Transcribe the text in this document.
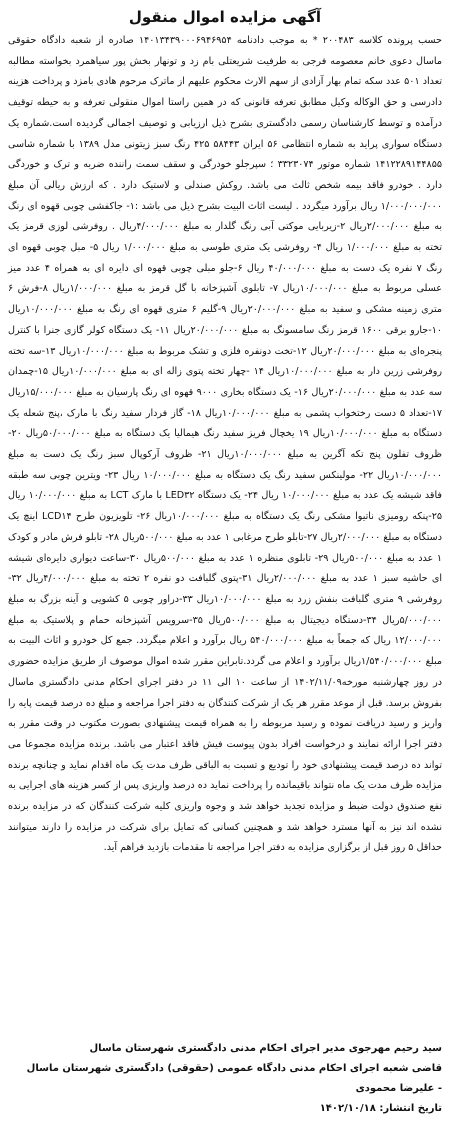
آگهی مزایده اموال منقول

حسب پرونده کلاسه ۲۰۰۴۸۳ * به موجب دادنامه ۱۴۰۱۳۴۳۹۰۰۰۶۹۴۶۹۵۴ صادره از شعبه دادگاه حقوقی ماسال دعوی خانم معصومه فرجی به طرفیت شریعتلی بام زد و تونهار بخش پور سیاهمرد بخواسته مطالبه تعداد ۵۰۱ عدد سکه تمام بهار آزادی از سهم الارث محکوم علیهم از ماترک مرحوم هادی بامزد و پرداخت هزینه دادرسی و حق الوکاله وکیل مطابق تعرفه قانونی که در همین راستا اموال منقولی تعرفه و به حیطه توقیف درآمده و توسط کارشناسان رسمی دادگستری بشرح ذیل ارزیابی و توصیف اجمالی گردیده است.شماره یک دستگاه سواری پراید به شماره انتظامی ۵۶ ایران ۵۸۴۴۳ ۴۲۵ رنگ سبز زیتونی مدل ۱۳۸۹ با شماره شاسی ۱۴۱۲۲۸۹۱۴۴۸۵۵ شماره موتور ۳۳۲۳۰۷۴ ؛ سپرجلو خودرگی و سقف سمت راننده ضربه و ترک و خوردگی دارد . خودرو فاقد بیمه شخص ثالث می باشد. روکش صندلی و لاستیک دارد . که ارزش ریالی آن مبلغ ۱/۰۰۰/۰۰۰/۰۰۰ ریال برآورد میگردد . لیست اثاث البیت بشرح ذیل می باشد :۱- جاکفشی چوبی قهوه ای رنگ به مبلغ ۲/۰۰۰/۰۰۰ریال ۲-زیربایی موکتی آبی رنگ گلدار به مبلغ ۴/۰۰۰/۰۰۰ریال . روفرشی لوزی قرمز یک تخته به مبلغ ۱/۰۰۰/۰۰۰ ریال ۴- روفرشی یک متری طوسی به مبلغ ۱/۰۰۰/۰۰۰ ریال ۵- مبل چوبی قهوه ای رنگ ۷ نفره یک دست به مبلغ ۴۰/۰۰۰/۰۰۰ ریال ۶-جلو مبلی چوبی قهوه ای دایره ای به همراه ۴ عدد میز عسلی مربوط به مبلغ ۱۰/۰۰۰/۰۰۰ریال ۷- تابلوی آشپزخانه با گل قرمز به مبلغ ۱/۰۰۰/۰۰۰ریال ۸-فرش ۶ متری زمینه مشکی و سفید به مبلغ ۲۰/۰۰۰/۰۰۰ریال ۹-گلیم ۶ متری قهوه ای رنگ به مبلغ ۱۰/۰۰۰/۰۰۰ریال ۱۰-جارو برقی ۱۶۰۰ قرمز رنگ سامسونگ به مبلغ ۲۰/۰۰۰/۰۰۰ریال ۱۱- یک دستگاه کولر گازی جنرا با کنترل پنجره‌ای به مبلغ ۲۰/۰۰۰/۰۰۰ریال ۱۲-تخت دونفره فلزی و تشک مربوط به مبلغ ۱۰/۰۰۰/۰۰۰ریال ۱۳-سه تخته روفرشی زرین دار به مبلغ ۱۰/۰۰۰/۰۰۰ریال ۱۴ -چهار تخته پتوی زاله ای به مبلغ ۱۰/۰۰۰/۰۰۰ریال ۱۵-چمدان سه عدد به مبلغ ۲۰/۰۰۰/۰۰۰ریال ۱۶- یک دستگاه بخاری ۹۰۰۰ قهوه ای رنگ پارسیان به مبلغ ۱۵/۰۰۰/۰۰۰ریال ۱۷-تعداد ۵ دست رختخواب پشمی به مبلغ ۱۰/۰۰۰/۰۰۰ریال ۱۸- گاز فردار سفید رنگ با مارک ،پنج شعله یک دستگاه به مبلغ ۱۰/۰۰۰/۰۰۰ریال ۱۹ یخچال فریز سفید رنگ هیمالیا یک دستگاه به مبلغ ۵۰/۰۰۰/۰۰۰ریال ۲۰- ظروف تفلون پنج تکه آگرین به مبلغ ۱۰/۰۰۰/۰۰۰ریال ۲۱- ظروف آرکوپال سبز رنگ یک دست به مبلغ ۱۰/۰۰۰/۰۰۰ریال ۲۲- مولینکس سفید رنگ یک دستگاه به مبلغ ۱۰/۰۰۰/۰۰۰ ریال ۲۳- ویترین چوبی سه طبقه فاقد شیشه یک عدد به مبلغ ۱۰/۰۰۰/۰۰۰ ریال ۲۴- یک دستگاه LED۳۲ با مارک LCT به مبلغ ۱۰/۰۰۰/۰۰۰ ریال ۲۵-پنکه رومیزی ناتیوا مشکی رنگ یک دستگاه به مبلغ ۱۰/۰۰۰/۰۰۰ریال ۲۶- تلویزیون طرح LCD۱۴ اینچ یک دستگاه به مبلغ ۲/۰۰۰/۰۰۰ریال ۲۷-تابلو طرح مرغابی ۱ عدد به مبلغ ۵۰۰/۰۰۰ریال ۲۸- تابلو فرش مادر و کودک ۱ عدد به مبلغ ۵۰۰/۰۰۰ریال ۲۹- تابلوی منظره ۱ عدد به مبلغ ۵۰۰/۰۰۰ریال ۳۰-ساعت دیواری دایره‌ای شیشه ای حاشیه سبز ۱ عدد به مبلغ ۲/۰۰۰/۰۰۰ریال ۳۱-پتوی گلبافت دو نفره ۲ تخته به مبلغ ۴/۰۰۰/۰۰۰ریال ۳۲-روفرشی ۹ متری گلبافت بنفش زرد به مبلغ ۱۰/۰۰۰/۰۰۰ریال ۳۳-دراور چوبی ۵ کشویی و آینه بزرگ به مبلغ ۵/۰۰۰/۰۰۰ریال ۳۴-دستگاه دیجیتال به مبلغ ۵۰۰/۰۰۰ریال ۳۵-سرویس آشپزخانه حمام و پلاستیک به مبلغ ۱۲/۰۰۰/۰۰۰ ریال که جمعاً به مبلغ ۵۴۰/۰۰۰/۰۰۰ ریال برآورد و اعلام میگردد. جمع کل خودرو و اثاث البیت به مبلغ ۱/۵۴۰/۰۰۰/۰۰۰ریال برآورد و اعلام می گردد.تابراین مقرر شده اموال موصوف از طریق مزایده حضوری در روز چهارشنبه مورخه۱۴۰۲/۱۱/۰۹ از ساعت ۱۰ الی ۱۱ در دفتر اجرای احکام مدنی دادگستری ماسال بفروش برسد. قبل از موعد مقرر هر یک از شرکت کنندگان به دفتر اجرا مراجعه و مبلغ ده درصد قیمت پایه را واریز و رسید دریافت نموده و رسید مربوطه را به همراه قیمت پیشنهادی بصورت مکتوب در وقت مقرر به دفتر اجرا ارائه نمایند و درخواست افراد بدون پیوست فیش فاقد اعتبار می باشد. برنده مزایده مجموعا می تواند ده درصد قیمت پیشنهادی خود را تودیع و تسبت به الباقی ظرف مدت یک ماه اقدام نماید و چنانچه برنده مزایده ظرف مدت یک ماه نتواند باقیمانده را پرداخت نماید ده درصد واریزی پس از کسر هزینه های اجرایی به نفع صندوق دولت ضبط و مزایده تجدید خواهد شد و وجوه واریزی کلیه شرکت کنندگان که در مزایده برنده نشده اند نیز به آنها مسترد خواهد شد و همچنین کسانی که تمایل برای شرکت در مزایده را دارند میتوانند حداقل ۵ روز قبل از برگزاری مزایده به دفتر اجرا مراجعه تا مقدمات بازدید فراهم آید.

سید رحیم مهرجوی مدیر اجرای احکام مدنی دادگستری شهرستان ماسال

قاضی شعبه اجرای احکام مدنی دادگاه عمومی (حقوقی) دادگستری شهرستان ماسال

- علیرضا محمودی

تاریخ انتشار: ۱۴۰۲/۱۰/۱۸
